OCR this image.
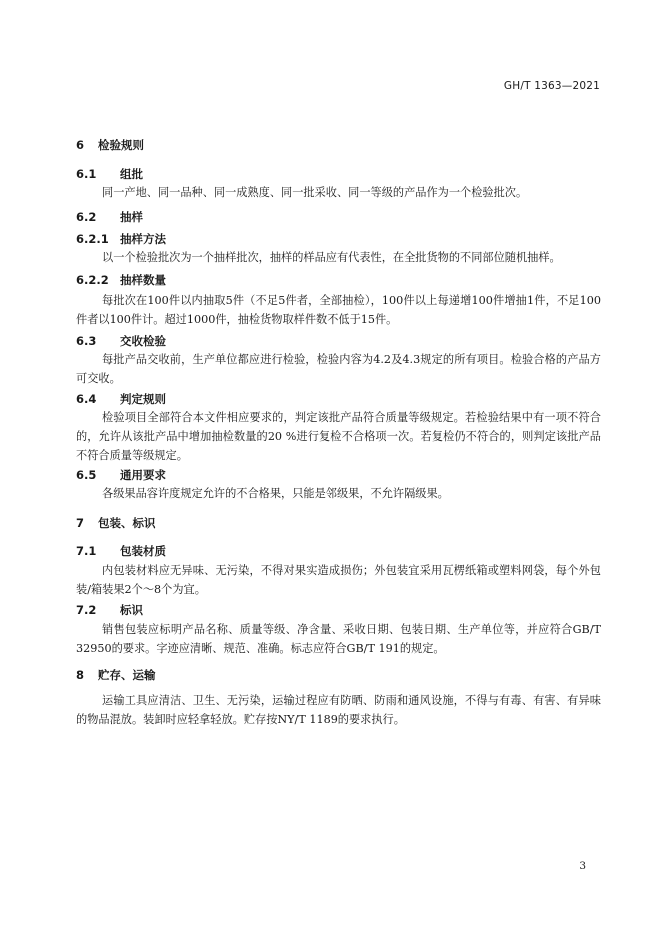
GH/T 1363—2021
6 检验规则
6.1 组批
同一产地、同一品种、同一成熟度、同一批采收、同一等级的产品作为一个检验批次。
6.2 抽样
6.2.1 抽样方法
以一个检验批次为一个抽样批次，抽样的样品应有代表性，在全批货物的不同部位随机抽样。
6.2.2 抽样数量
每批次在100件以内抽取5件（不足5件者，全部抽检），100件以上每递增100件增抽1件，不足100件者以100件计。超过1000件，抽检货物取样件数不低于15件。
6.3 交收检验
每批产品交收前，生产单位都应进行检验，检验内容为4.2及4.3规定的所有项目。检验合格的产品方可交收。
6.4 判定规则
检验项目全部符合本文件相应要求的，判定该批产品符合质量等级规定。若检验结果中有一项不符合的，允许从该批产品中增加抽检数量的20 %进行复检不合格项一次。若复检仍不符合的，则判定该批产品不符合质量等级规定。
6.5 通用要求
各级果品容许度规定允许的不合格果，只能是邻级果，不允许隔级果。
7 包装、标识
7.1 包装材质
内包装材料应无异味、无污染，不得对果实造成损伤；外包装宜采用瓦楞纸箱或塑料网袋，每个外包装/箱装果2个～8个为宜。
7.2 标识
销售包装应标明产品名称、质量等级、净含量、采收日期、包装日期、生产单位等，并应符合GB/T 32950的要求。字迹应清晰、规范、准确。标志应符合GB/T 191的规定。
8 贮存、运输
运输工具应清洁、卫生、无污染，运输过程应有防晒、防雨和通风设施，不得与有毒、有害、有异味的物品混放。装卸时应轻拿轻放。贮存按NY/T 1189的要求执行。
3
